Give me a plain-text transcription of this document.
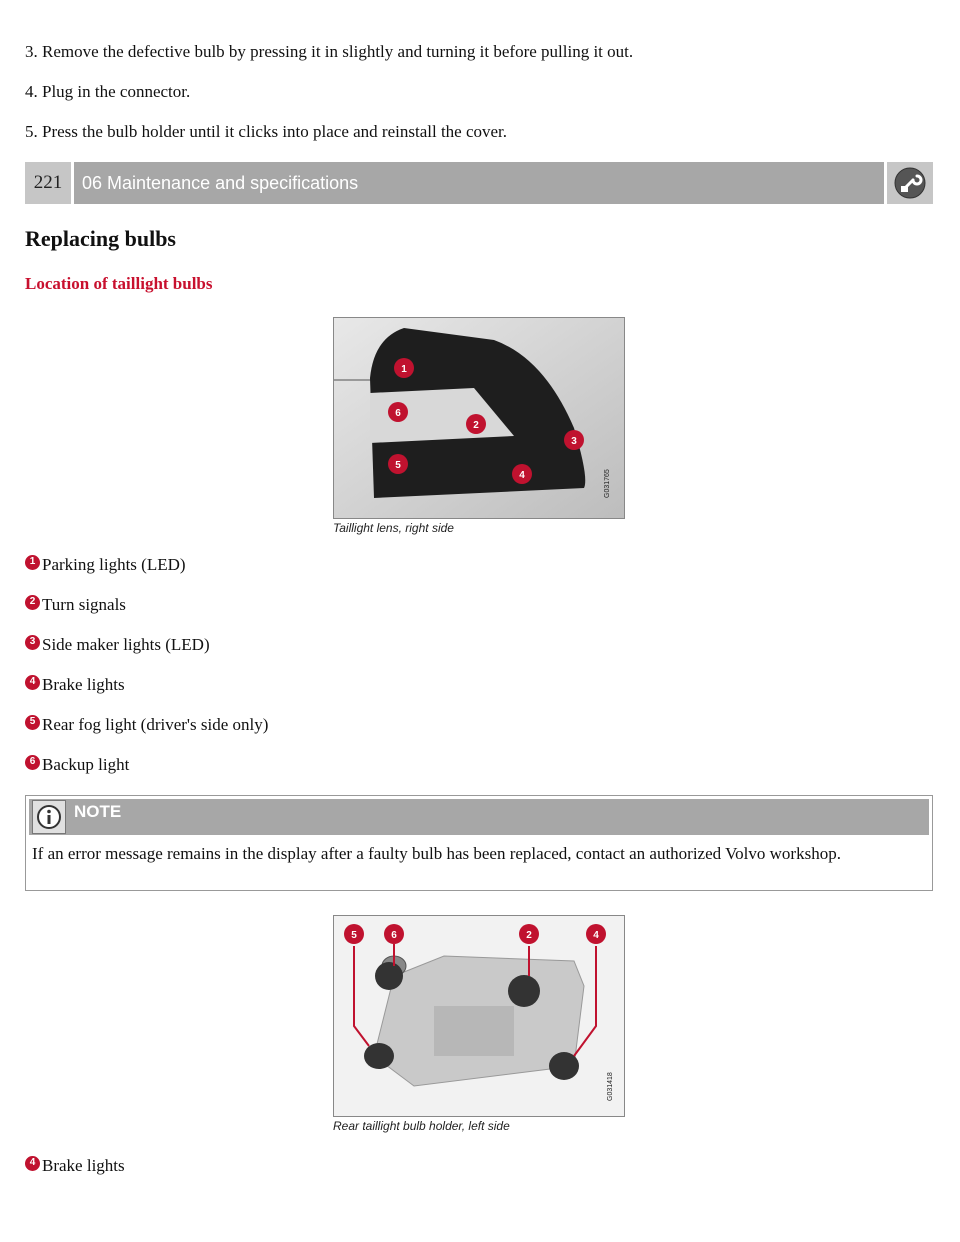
3. Remove the defective bulb by pressing it in slightly and turning it before pulling it out.

4. Plug in the connector.

5. Press the bulb holder until it clicks into place and reinstall the cover.

221	06 Maintenance and specifications
Replacing bulbs
Location of taillight bulbs
1
2
3
4
5
6
G031765
Taillight lens, right side
1 Parking lights (LED)
2 Turn signals
3 Side maker lights (LED)
4 Brake lights
5 Rear fog light (driver's side only)
6 Backup light
NOTE
If an error message remains in the display after a faulty bulb has been replaced, contact an authorized Volvo workshop.
5	6	2	4
G031418
Rear taillight bulb holder, left side
4 Brake lights
